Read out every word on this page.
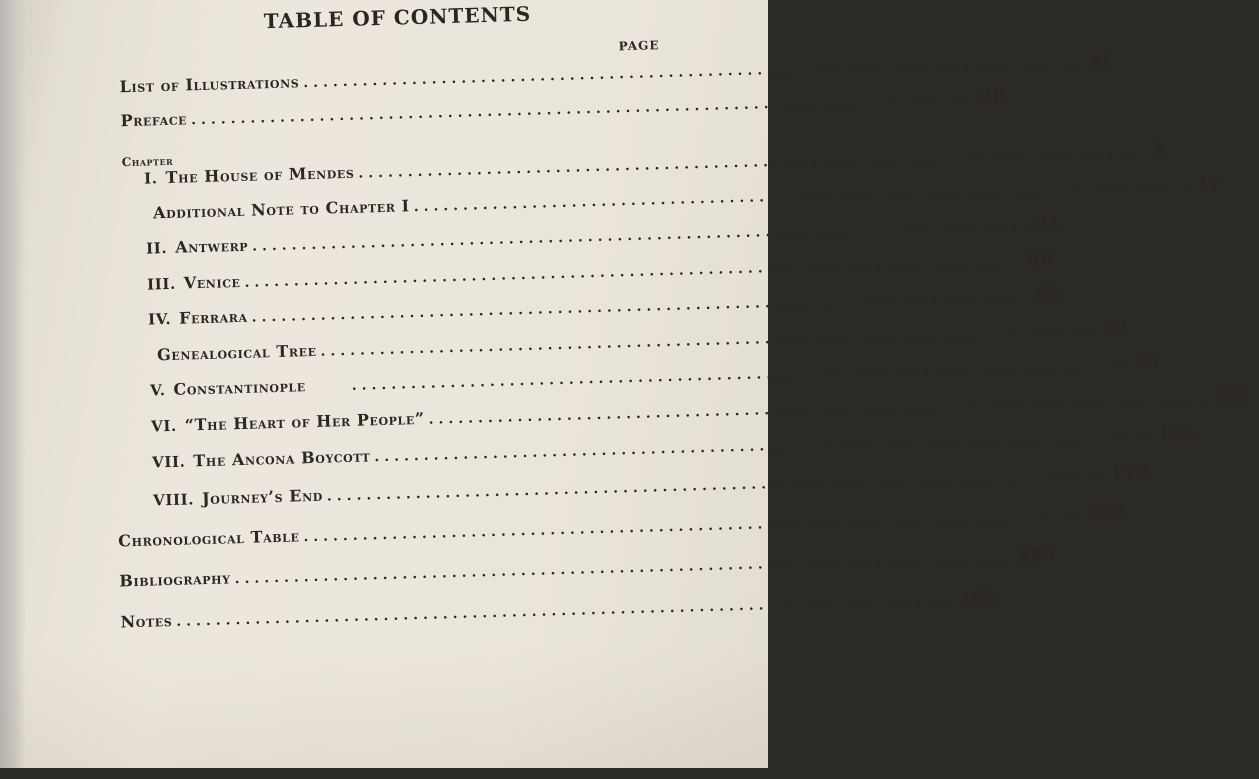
TABLE OF CONTENTS
PAGE
List of Illustrations ............................................................................... xi
Preface ............................................................................... xiii
Chapter
I. The House of Mendes ............................................................................... 3
Additional Note to Chapter I ............................................................................... 17
II. Antwerp ............................................................................... 21
III. Venice ............................................................................... 50
IV. Ferrara ............................................................................... 65
Genealogical Tree ............................................................................... 82
V. Constantinople	............................................................................... 83
VI. “The Heart of Her People” ............................................................................... 122
VII. The Ancona Boycott ............................................................................... 134
VIII. Journey’s End ............................................................................... 176
Chronological Table ............................................................................... 185
Bibliography ............................................................................... 189
Notes ............................................................................... 195
